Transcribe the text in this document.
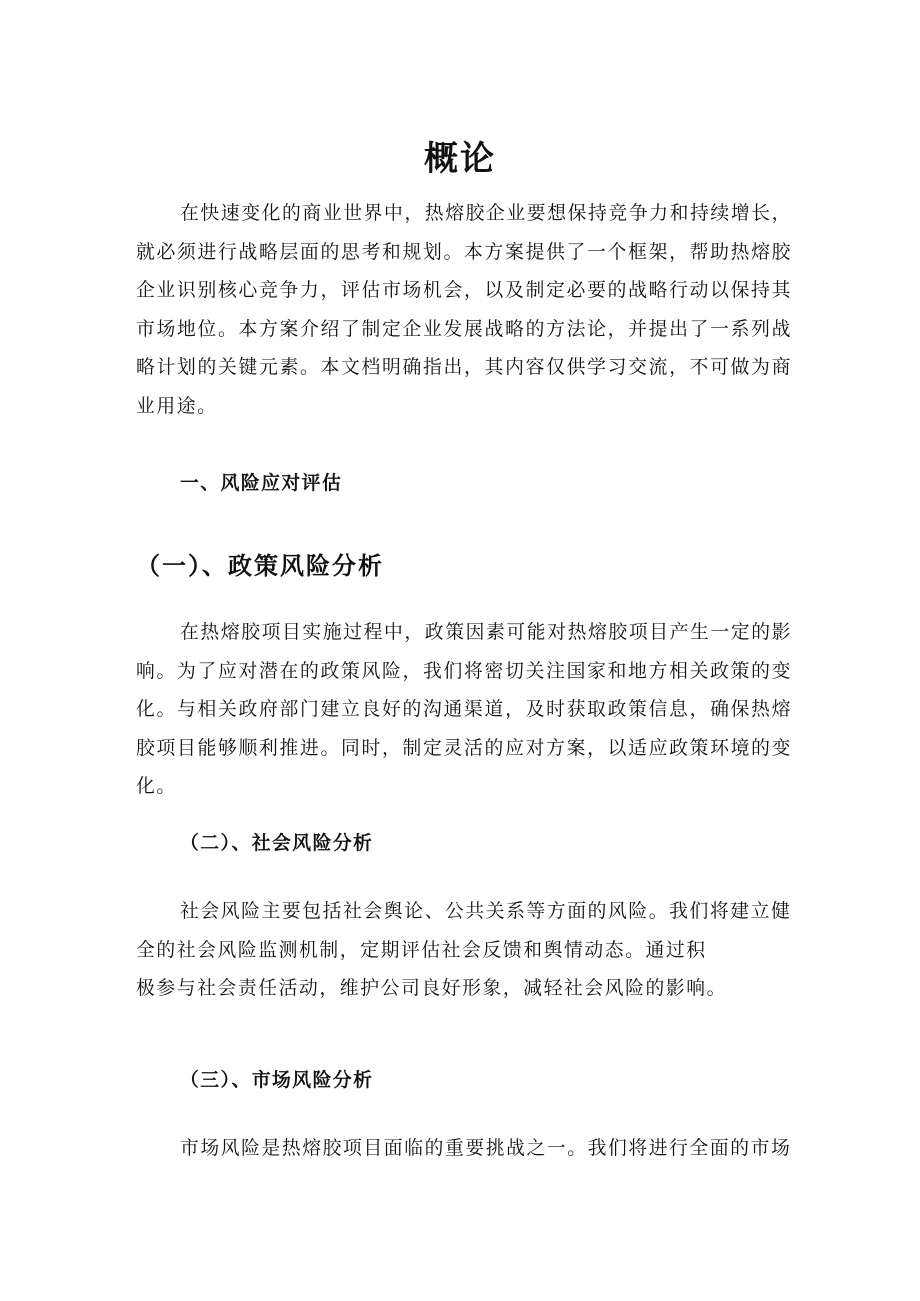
概论

在快速变化的商业世界中，热熔胶企业要想保持竞争力和持续增长，就必须进行战略层面的思考和规划。本方案提供了一个框架，帮助热熔胶企业识别核心竞争力，评估市场机会，以及制定必要的战略行动以保持其市场地位。本方案介绍了制定企业发展战略的方法论，并提出了一系列战略计划的关键元素。本文档明确指出，其内容仅供学习交流，不可做为商业用途。

一、风险应对评估
（一）、政策风险分析

在热熔胶项目实施过程中，政策因素可能对热熔胶项目产生一定的影响。为了应对潜在的政策风险，我们将密切关注国家和地方相关政策的变化。与相关政府部门建立良好的沟通渠道，及时获取政策信息，确保热熔胶项目能够顺利推进。同时，制定灵活的应对方案，以适应政策环境的变化。

（二）、社会风险分析

社会风险主要包括社会舆论、公共关系等方面的风险。我们将建立健
全的社会风险监测机制，定期评估社会反馈和舆情动态。通过积
极参与社会责任活动，维护公司良好形象，减轻社会风险的影响。

（三）、市场风险分析

市场风险是热熔胶项目面临的重要挑战之一。我们将进行全面的市场
